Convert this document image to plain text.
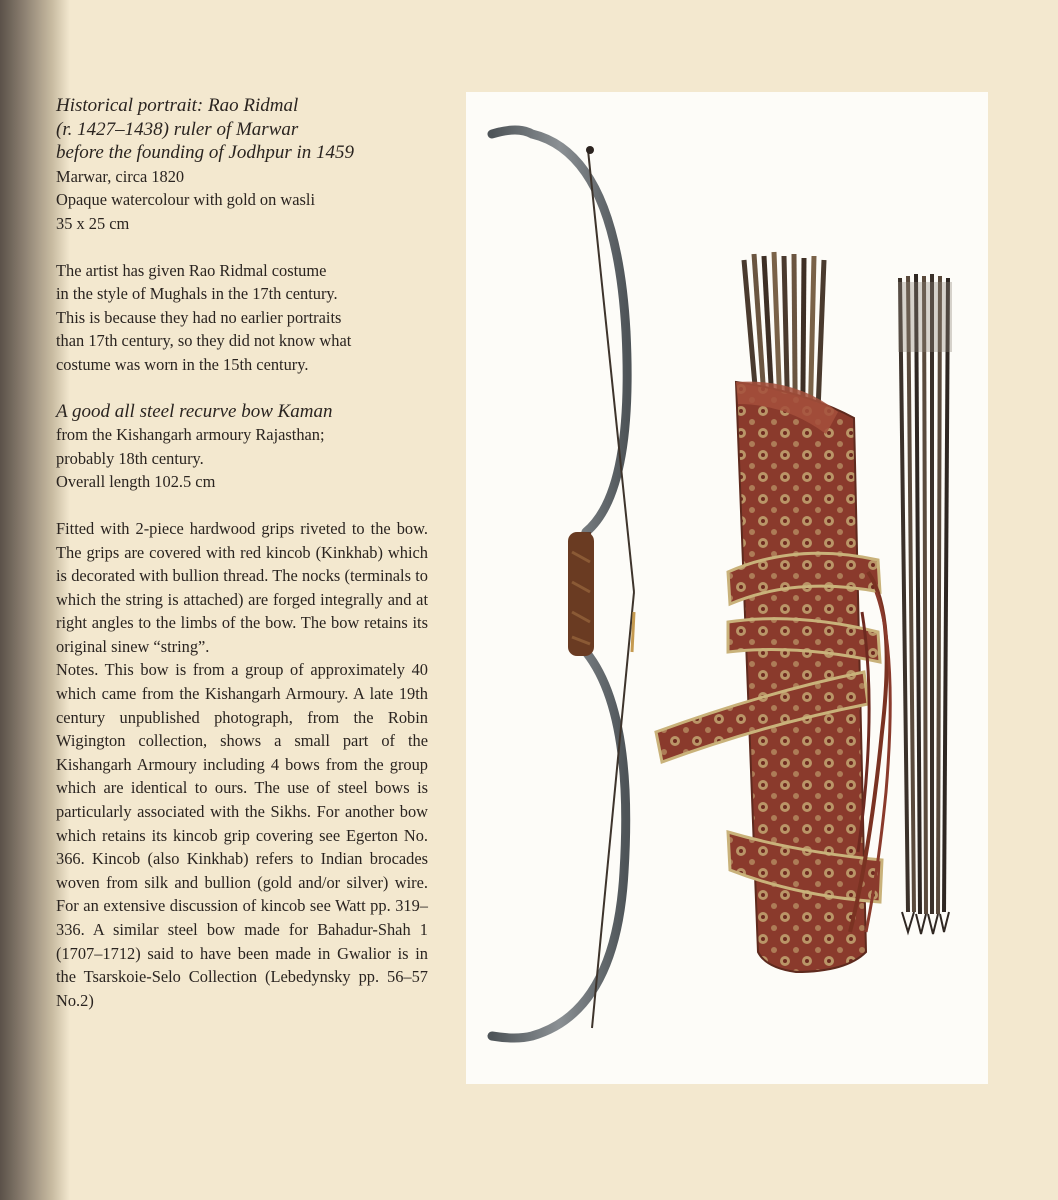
Historical portrait: Rao Ridmal

(r. 1427–1438) ruler of Marwar

before the founding of Jodhpur in 1459

Marwar, circa 1820

Opaque watercolour with gold on wasli

35 x 25 cm

The artist has given Rao Ridmal costume

in the style of Mughals in the 17th century.

This is because they had no earlier portraits

than 17th century, so they did not know what

costume was worn in the 15th century.

A good all steel recurve bow Kaman

from the Kishangarh armoury Rajasthan;

probably 18th century.

Overall length 102.5 cm

Fitted with 2-piece hardwood grips riveted to the bow. The grips are covered with red kincob (Kinkhab) which is decorated with bullion thread. The nocks (terminals to which the string is attached) are forged integrally and at right angles to the limbs of the bow. The bow retains its original sinew “string”.

Notes. This bow is from a group of approximately 40 which came from the Kishangarh Armoury. A late 19th century unpublished photograph, from the Robin Wigington collection, shows a small part of the Kishangarh Armoury including 4 bows from the group which are identical to ours. The use of steel bows is particularly associated with the Sikhs. For another bow which retains its kincob grip covering see Egerton No. 366. Kincob (also Kinkhab) refers to Indian brocades woven from silk and bullion (gold and/or silver) wire. For an extensive discussion of kincob see Watt pp. 319–336. A similar steel bow made for Bahadur-Shah 1 (1707–1712) said to have been made in Gwalior is in the Tsarskoie-Selo Collection (Lebedynsky pp. 56–57 No.2)
